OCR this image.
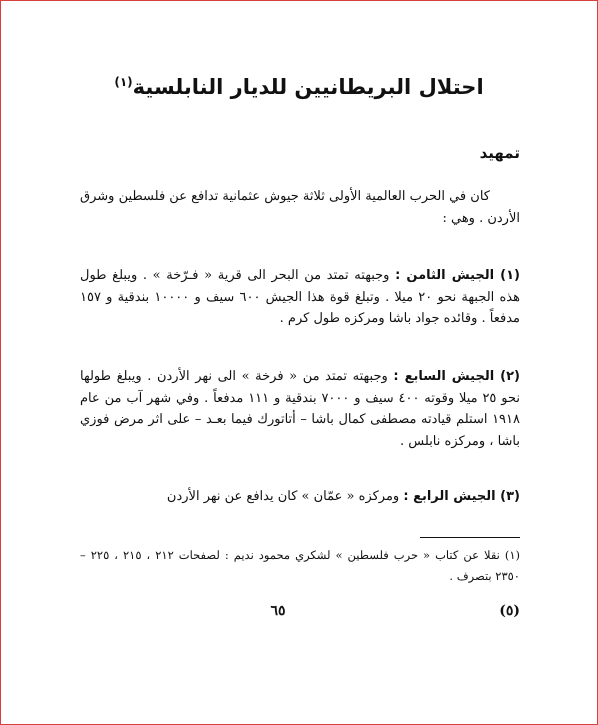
احتلال البريطانيين للديار النابلسية$^{(١)}$
تمهيد
كان في الحرب العالمية الأولى ثلاثة جيوش عثمانية تدافع عن فلسطين وشرق الأردن . وهي :
(١) الجيش الثامن : وجبهته تمتد من البحر الى قرية « فـرّخة » . ويبلغ طول هذه الجبهة نحو ٢٠ ميلا . وتبلغ قوة هذا الجيش ٦٠٠ سيف و ١٠٠٠٠ بندقية و ١٥٧ مدفعاً . وقائده جواد باشا ومركزه طول كرم .
(٢) الجيش السابع : وجبهته تمتد من « فرخة » الى نهر الأردن . ويبلغ طولها نحو ٢٥ ميلا وقوته ٤٠٠ سيف و ٧٠٠٠ بندقية و ١١١ مدفعاً . وفي شهر آب من عام ١٩١٨ استلم قيادته مصطفى كمال باشا – أتاتورك فيما بعـد – على اثر مرض فوزي باشا ، ومركزه نابلس .
(٣) الجيش الرابع : ومركزه « عمّان » كان يدافع عن نهر الأردن
(١) نقلا عن كتاب « حرب فلسطين » لشكري محمود نديم : لصفحات ٢١٢ ، ٢١٥ ، ٢٢٥ – ٢٣٥٠ بتصرف .
٦٥	(٥)
